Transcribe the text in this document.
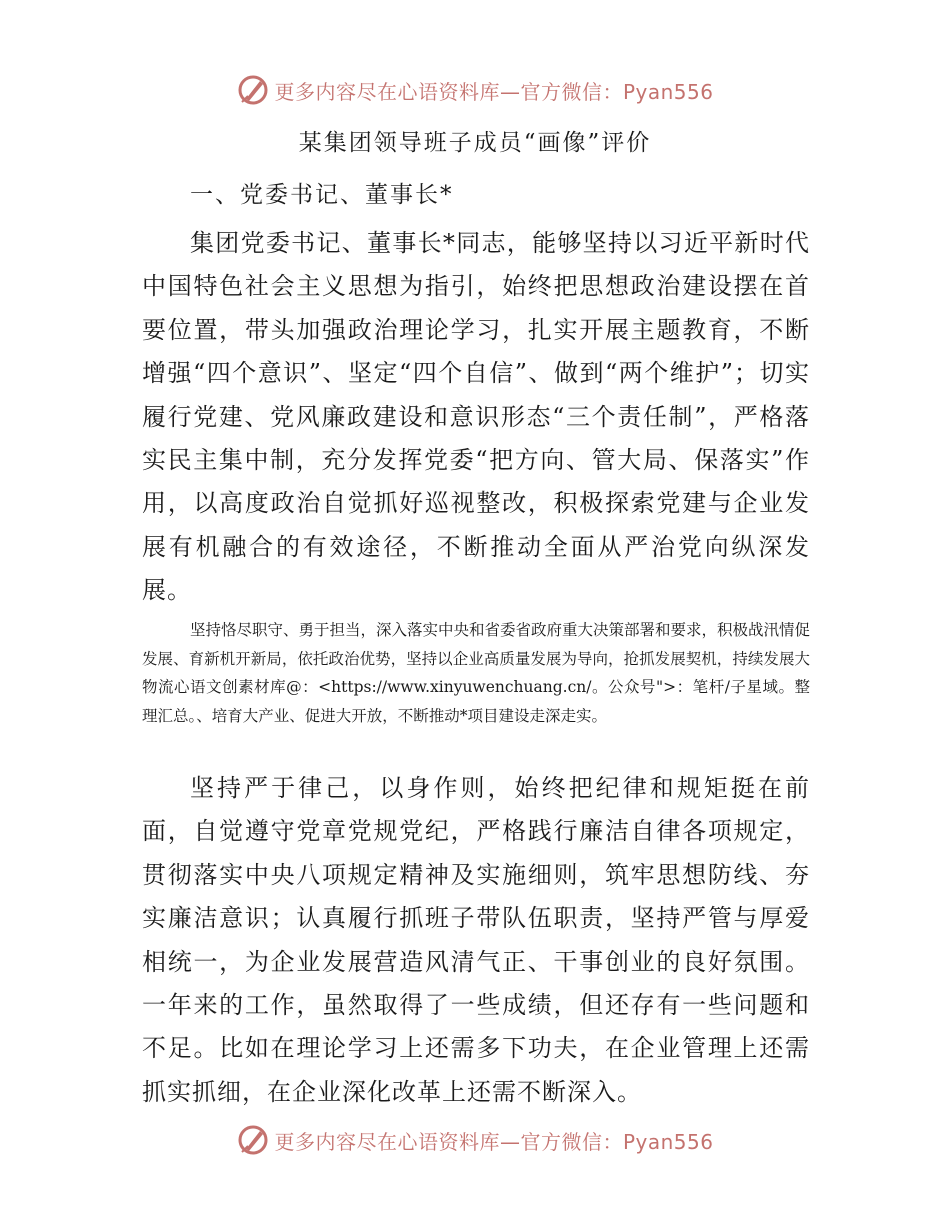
更多内容尽在心语资料库—官方微信：Pyan556
某集团领导班子成员“画像”评价
一、党委书记、董事长*

集团党委书记、董事长*同志，能够坚持以习近平新时代中国特色社会主义思想为指引，始终把思想政治建设摆在首要位置，带头加强政治理论学习，扎实开展主题教育，不断增强“四个意识”、坚定“四个自信”、做到“两个维护”；切实履行党建、党风廉政建设和意识形态“三个责任制”，严格落实民主集中制，充分发挥党委“把方向、管大局、保落实”作用，以高度政治自觉抓好巡视整改，积极探索党建与企业发展有机融合的有效途径，不断推动全面从严治党向纵深发展。

坚持恪尽职守、勇于担当，深入落实中央和省委省政府重大决策部署和要求，积极战汛情促发展、育新机开新局，依托政治优势，坚持以企业高质量发展为导向，抢抓发展契机，持续发展大物流心语文创素材库@：<https://www.xinyuwenchuang.cn/。公众号">：笔杆/子星域。整理汇总。、培育大产业、促进大开放，不断推动*项目建设走深走实。

坚持严于律己，以身作则，始终把纪律和规矩挺在前面，自觉遵守党章党规党纪，严格践行廉洁自律各项规定，贯彻落实中央八项规定精神及实施细则，筑牢思想防线、夯实廉洁意识；认真履行抓班子带队伍职责，坚持严管与厚爱相统一，为企业发展营造风清气正、干事创业的良好氛围。一年来的工作，虽然取得了一些成绩，但还存有一些问题和不足。比如在理论学习上还需多下功夫，在企业管理上还需抓实抓细，在企业深化改革上还需不断深入。

更多内容尽在心语资料库—官方微信：Pyan556
